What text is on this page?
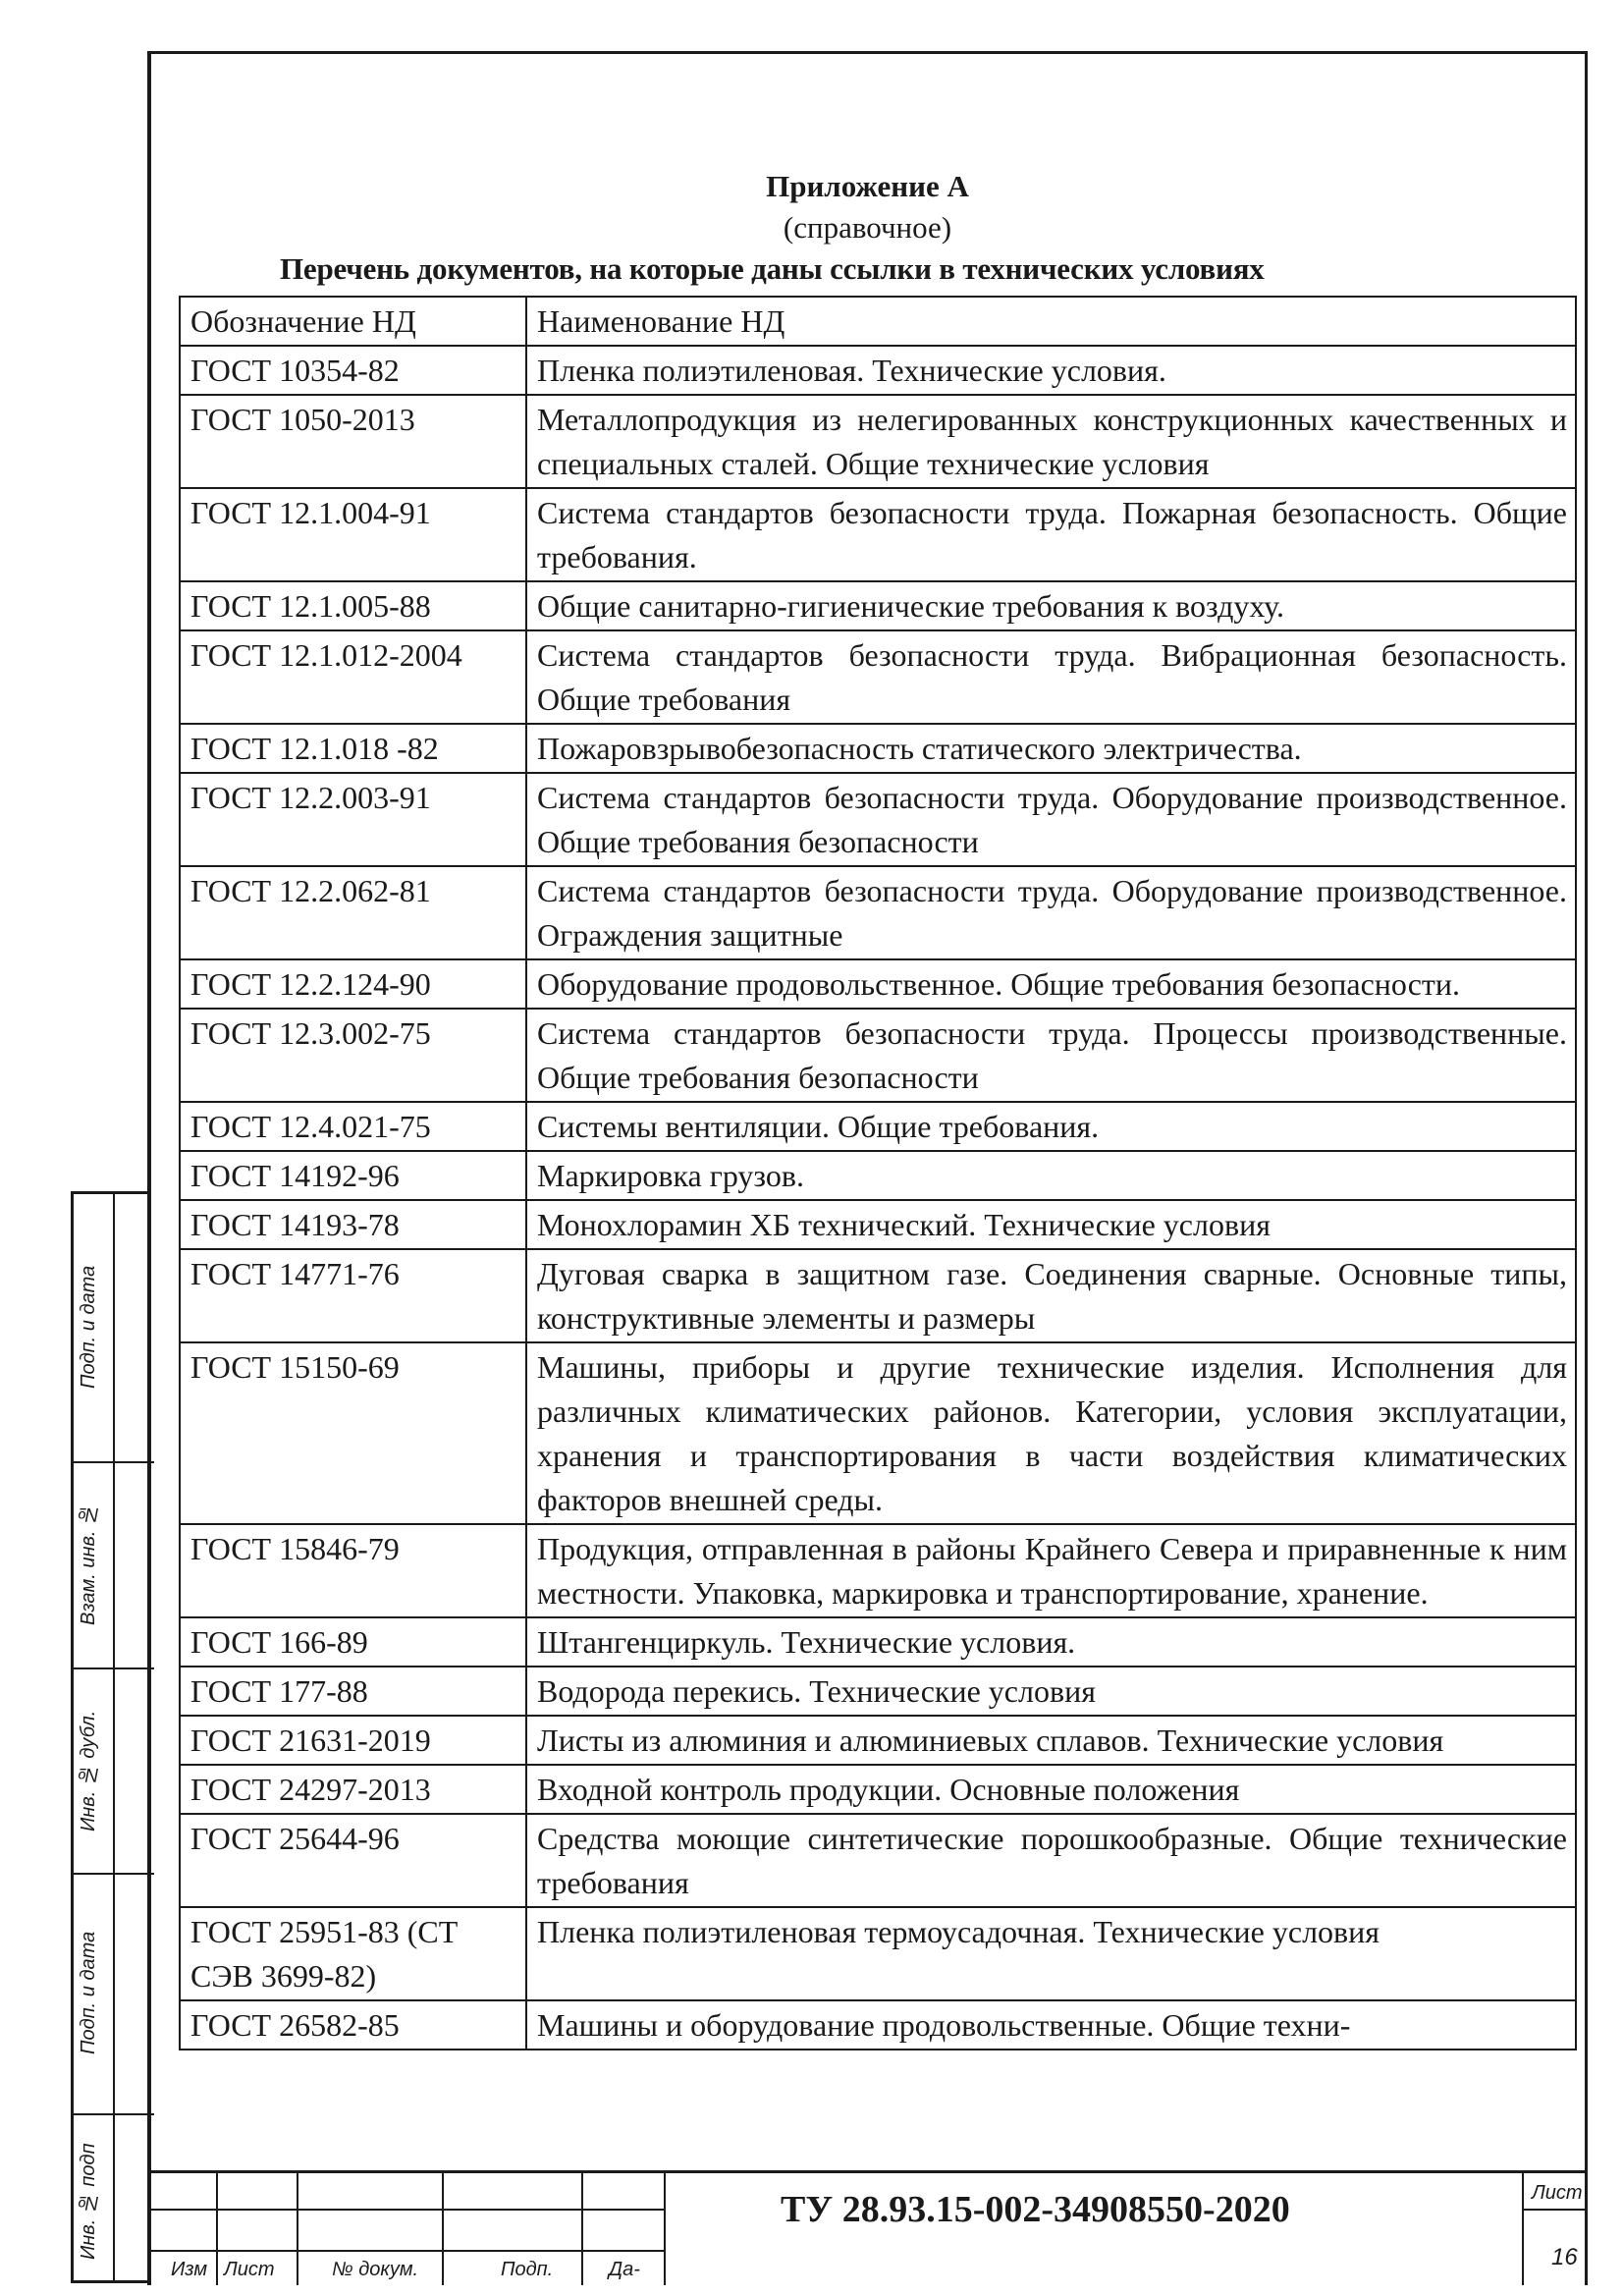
Приложение А
(справочное)
Перечень документов, на которые даны ссылки в технических условиях
Обозначение НД	Наименование НД
ГОСТ 10354-82	Пленка полиэтиленовая. Технические условия.
ГОСТ 1050-2013	Металлопродукция из нелегированных конструкционных качественных и специальных сталей. Общие технические условия
ГОСТ 12.1.004-91	Система стандартов безопасности труда. Пожарная безопасность. Общие требования.
ГОСТ 12.1.005-88	Общие санитарно-гигиенические требования к воздуху.
ГОСТ 12.1.012-2004	Система стандартов безопасности труда. Вибрационная безопасность. Общие требования
ГОСТ 12.1.018 -82	Пожаровзрывобезопасность статического электричества.
ГОСТ 12.2.003-91	Система стандартов безопасности труда. Оборудование производственное. Общие требования безопасности
ГОСТ 12.2.062-81	Система стандартов безопасности труда. Оборудование производственное. Ограждения защитные
ГОСТ 12.2.124-90	Оборудование продовольственное. Общие требования безопасности.
ГОСТ 12.3.002-75	Система стандартов безопасности труда. Процессы производственные. Общие требования безопасности
ГОСТ 12.4.021-75	Системы вентиляции. Общие требования.
ГОСТ 14192-96	Маркировка грузов.
ГОСТ 14193-78	Монохлорамин ХБ технический. Технические условия
ГОСТ 14771-76	Дуговая сварка в защитном газе. Соединения сварные. Основные типы, конструктивные элементы и размеры
ГОСТ 15150-69	Машины, приборы и другие технические изделия. Исполнения для различных климатических районов. Категории, условия эксплуатации, хранения и транспортирования в части воздействия климатических факторов внешней среды.
ГОСТ 15846-79	Продукция, отправленная в районы Крайнего Севера и приравненные к ним местности. Упаковка, маркировка и транспортирование, хранение.
ГОСТ 166-89	Штангенциркуль. Технические условия.
ГОСТ 177-88	Водорода перекись. Технические условия
ГОСТ 21631-2019	Листы из алюминия и алюминиевых сплавов. Технические условия
ГОСТ 24297-2013	Входной контроль продукции. Основные положения
ГОСТ 25644-96	Средства моющие синтетические порошкообразные. Общие технические требования
ГОСТ 25951-83 (СТ СЭВ 3699-82)	Пленка полиэтиленовая термоусадочная. Технические условия
ГОСТ 26582-85	Машины и оборудование продовольственные. Общие техни-
Подп. и дата
Взам. инв. №
Инв. № дубл.
Подп. и дата
Инв. № подп
Изм Лист	№ докум.	Подп.	Да-
ТУ 28.93.15-002-34908550-2020	Лист
16
